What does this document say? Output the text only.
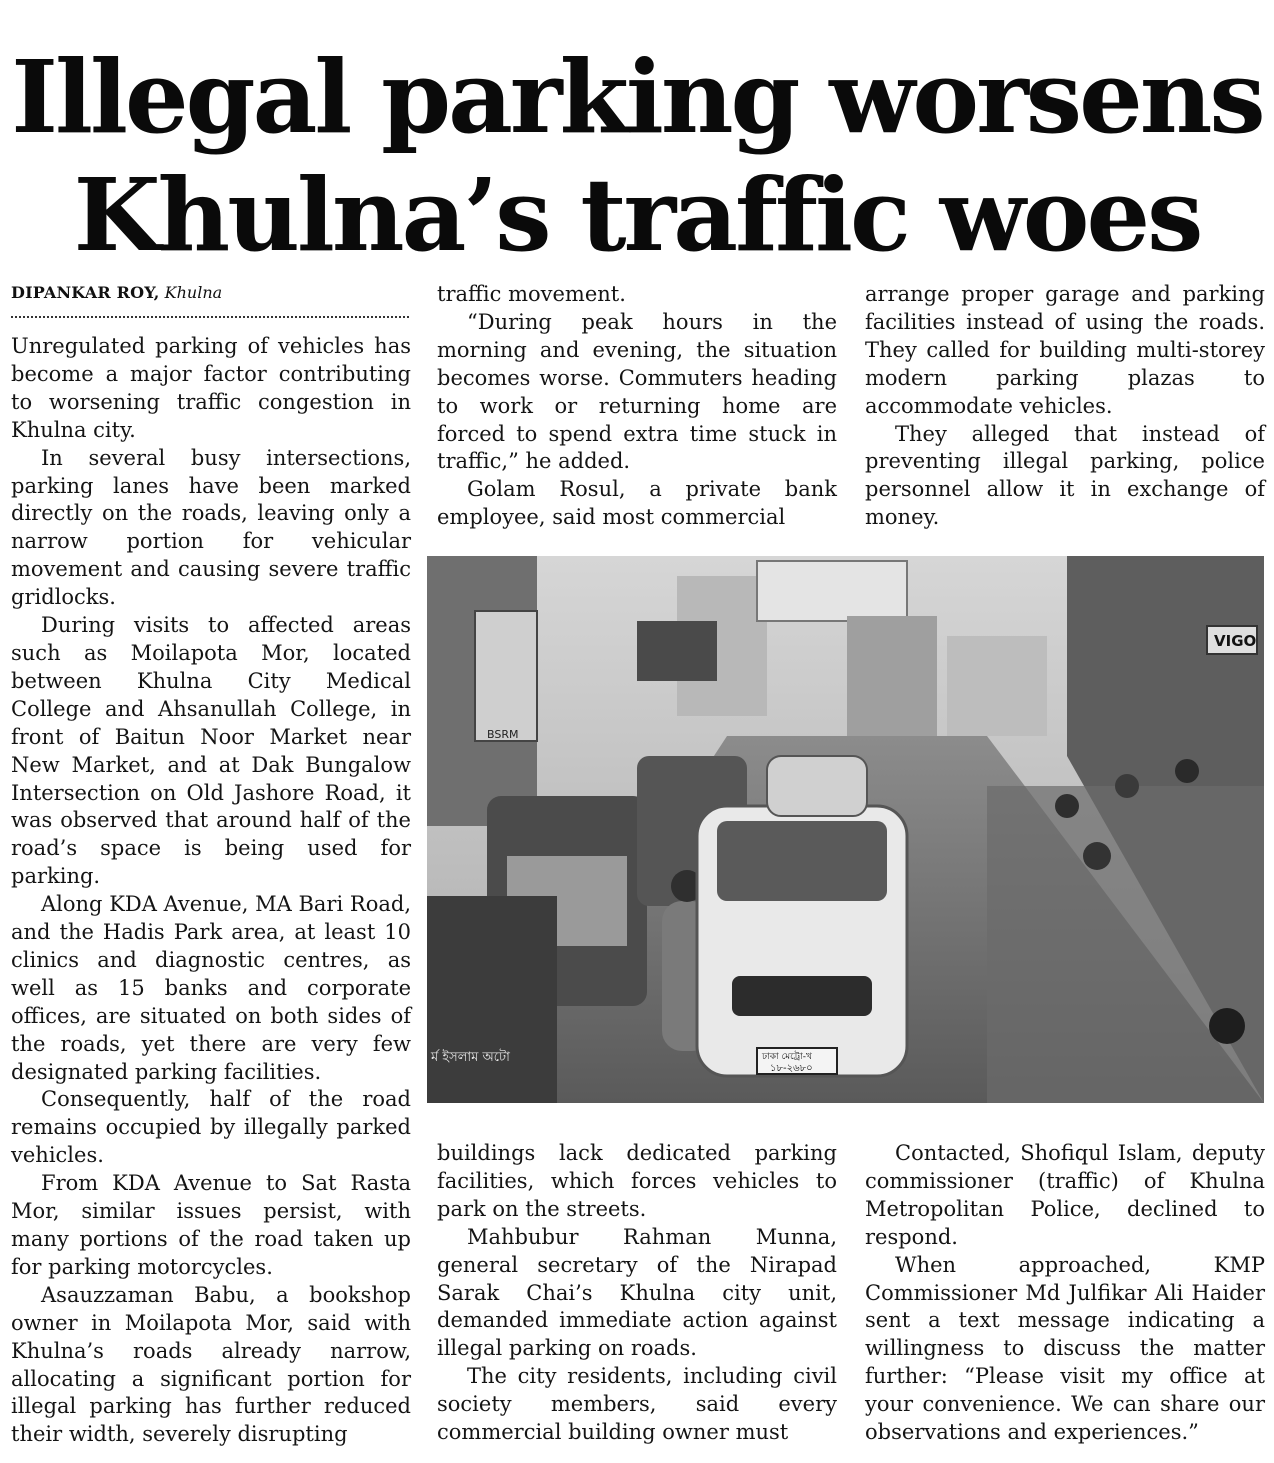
Illegal parking worsens
Khulna’s traffic woes
DIPANKAR ROY, Khulna

Unregulated parking of vehicles has become a major factor contributing to worsening traffic congestion in Khulna city.

In several busy intersections, parking lanes have been marked directly on the roads, leaving only a narrow portion for vehicular movement and causing severe traffic gridlocks.

During visits to affected areas such as Moilapota Mor, located between Khulna City Medical College and Ahsanullah College, in front of Baitun Noor Market near New Market, and at Dak Bungalow Intersection on Old Jashore Road, it was observed that around half of the road’s space is being used for parking.

Along KDA Avenue, MA Bari Road, and the Hadis Park area, at least 10 clinics and diagnostic centres, as well as 15 banks and corporate offices, are situated on both sides of the roads, yet there are very few designated parking facilities.

Consequently, half of the road remains occupied by illegally parked vehicles.

From KDA Avenue to Sat Rasta Mor, similar issues persist, with many portions of the road taken up for parking motorcycles.

Asauzzaman Babu, a bookshop owner in Moilapota Mor, said with Khulna’s roads already narrow, allocating a significant portion for illegal parking has further reduced their width, severely disrupting

traffic movement.

“During peak hours in the morning and evening, the situation becomes worse. Commuters heading to work or returning home are forced to spend extra time stuck in traffic,” he added.

Golam Rosul, a private bank employee, said most commercial

arrange proper garage and parking facilities instead of using the roads. They called for building multi-storey modern parking plazas to accommodate vehicles.

They alleged that instead of preventing illegal parking, police personnel allow it in exchange of money.

BSRM
VIGO
র্ম ইসলাম অটো	ঢাকা মেট্রো-খ
১৮-২৬৮০

buildings lack dedicated parking facilities, which forces vehicles to park on the streets.

Mahbubur Rahman Munna, general secretary of the Nirapad Sarak Chai’s Khulna city unit, demanded immediate action against illegal parking on roads.

The city residents, including civil society members, said every commercial building owner must

Contacted, Shofiqul Islam, deputy commissioner (traffic) of Khulna Metropolitan Police, declined to respond.

When approached, KMP Commissioner Md Julfikar Ali Haider sent a text message indicating a willingness to discuss the matter further: “Please visit my office at your convenience. We can share our observations and experiences.”
